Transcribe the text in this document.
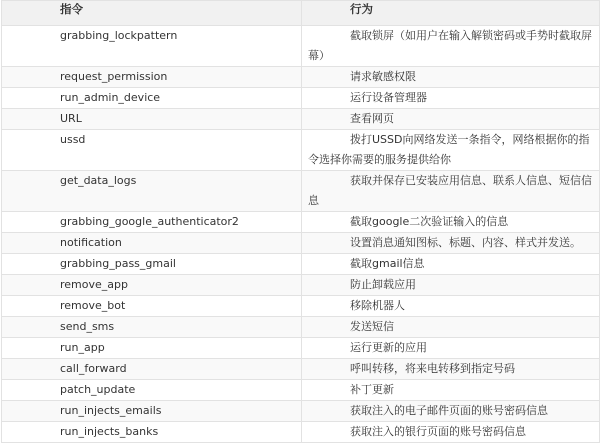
指令	行为
grabbing_lockpattern	截取锁屏（如用户在输入解锁密码或手势时截取屏幕）
request_permission	请求敏感权限
run_admin_device	运行设备管理器
URL	查看网页
ussd	拨打USSD向网络发送一条指令，网络根据你的指令选择你需要的服务提供给你
get_data_logs	获取并保存已安装应用信息、联系人信息、短信信息
grabbing_google_authenticator2	截取google二次验证输入的信息
notification	设置消息通知图标、标题、内容、样式并发送。
grabbing_pass_gmail	截取gmail信息
remove_app	防止卸载应用
remove_bot	移除机器人
send_sms	发送短信
run_app	运行更新的应用
call_forward	呼叫转移，将来电转移到指定号码
patch_update	补丁更新
run_injects_emails	获取注入的电子邮件页面的账号密码信息
run_injects_banks	获取注入的银行页面的账号密码信息
